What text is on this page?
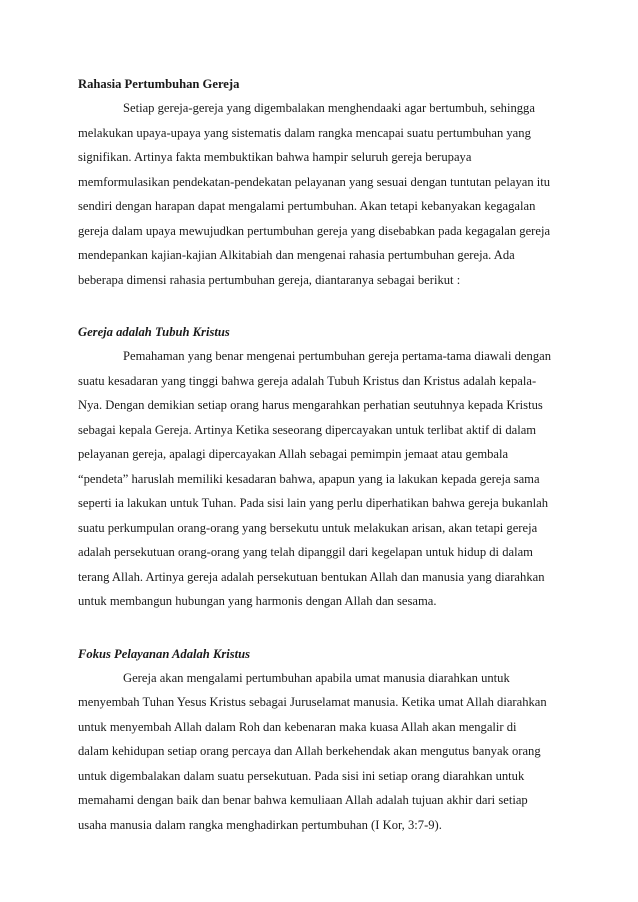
Rahasia Pertumbuhan Gereja

Setiap gereja-gereja yang digembalakan menghendaaki agar bertumbuh, sehingga
melakukan upaya-upaya yang sistematis dalam rangka mencapai suatu pertumbuhan yang
signifikan. Artinya fakta membuktikan bahwa hampir seluruh gereja berupaya
memformulasikan pendekatan-pendekatan pelayanan yang sesuai dengan tuntutan pelayan itu
sendiri dengan harapan dapat mengalami pertumbuhan. Akan tetapi kebanyakan kegagalan
gereja dalam upaya mewujudkan pertumbuhan gereja yang disebabkan pada kegagalan gereja
mendepankan kajian-kajian Alkitabiah dan mengenai rahasia pertumbuhan gereja. Ada
beberapa dimensi rahasia pertumbuhan gereja, diantaranya sebagai berikut :

Gereja adalah Tubuh Kristus

Pemahaman yang benar mengenai pertumbuhan gereja pertama-tama diawali dengan
suatu kesadaran yang tinggi bahwa gereja adalah Tubuh Kristus dan Kristus adalah kepala-
Nya. Dengan demikian setiap orang harus mengarahkan perhatian seutuhnya kepada Kristus
sebagai kepala Gereja. Artinya Ketika seseorang dipercayakan untuk terlibat aktif di dalam
pelayanan gereja, apalagi dipercayakan Allah sebagai pemimpin jemaat atau gembala
“pendeta” haruslah memiliki kesadaran bahwa, apapun yang ia lakukan kepada gereja sama
seperti ia lakukan untuk Tuhan. Pada sisi lain yang perlu diperhatikan bahwa gereja bukanlah
suatu perkumpulan orang-orang yang bersekutu untuk melakukan arisan, akan tetapi gereja
adalah persekutuan orang-orang yang telah dipanggil dari kegelapan untuk hidup di dalam
terang Allah. Artinya gereja adalah persekutuan bentukan Allah dan manusia yang diarahkan
untuk membangun hubungan yang harmonis dengan Allah dan sesama.

Fokus Pelayanan Adalah Kristus

Gereja akan mengalami pertumbuhan apabila umat manusia diarahkan untuk
menyembah Tuhan Yesus Kristus sebagai Juruselamat manusia. Ketika umat Allah diarahkan
untuk menyembah Allah dalam Roh dan kebenaran maka kuasa Allah akan mengalir di
dalam kehidupan setiap orang percaya dan Allah berkehendak akan mengutus banyak orang
untuk digembalakan dalam suatu persekutuan. Pada sisi ini setiap orang diarahkan untuk
memahami dengan baik dan benar bahwa kemuliaan Allah adalah tujuan akhir dari setiap
usaha manusia dalam rangka menghadirkan pertumbuhan (I Kor, 3:7-9).
